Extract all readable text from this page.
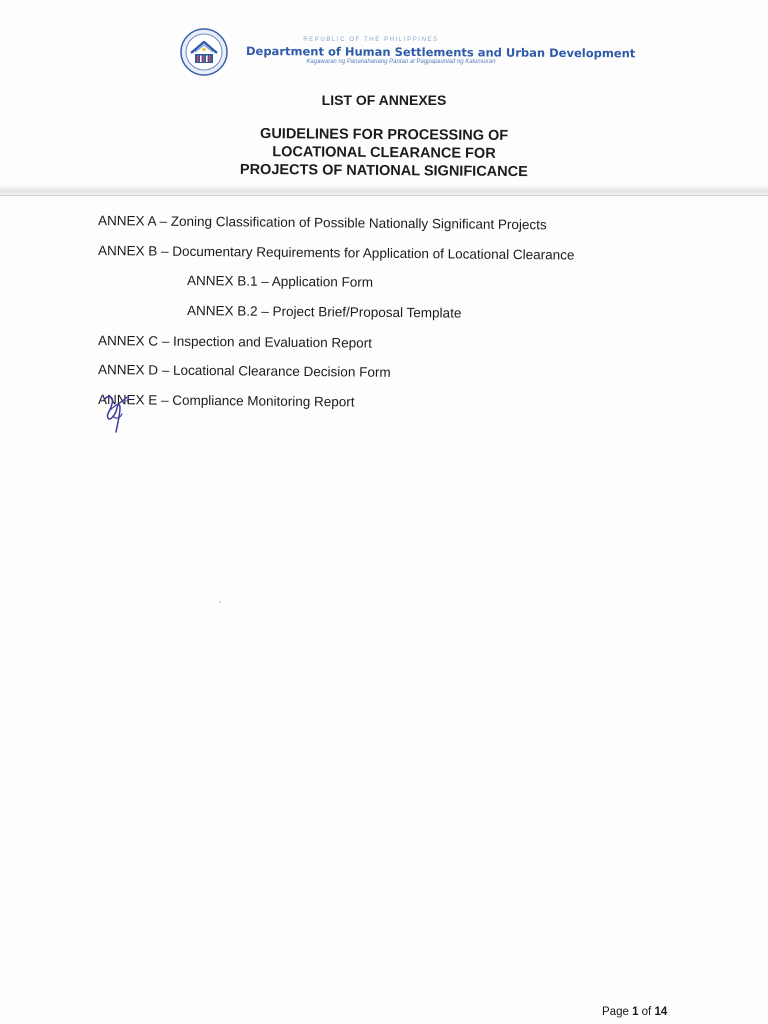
REPUBLIC OF THE PHILIPPINES
Department of Human Settlements and Urban Development
Kagawaran ng Pananahanang Pantao at Pagpapaunlad ng Kalunsuran
LIST OF ANNEXES
GUIDELINES FOR PROCESSING OF
LOCATIONAL CLEARANCE FOR
PROJECTS OF NATIONAL SIGNIFICANCE
ANNEX A – Zoning Classification of Possible Nationally Significant Projects
ANNEX B – Documentary Requirements for Application of Locational Clearance
ANNEX B.1 – Application Form
ANNEX B.2 – Project Brief/Proposal Template
ANNEX C – Inspection and Evaluation Report
ANNEX D – Locational Clearance Decision Form
ANNEX E – Compliance Monitoring Report
Page 1 of 14
